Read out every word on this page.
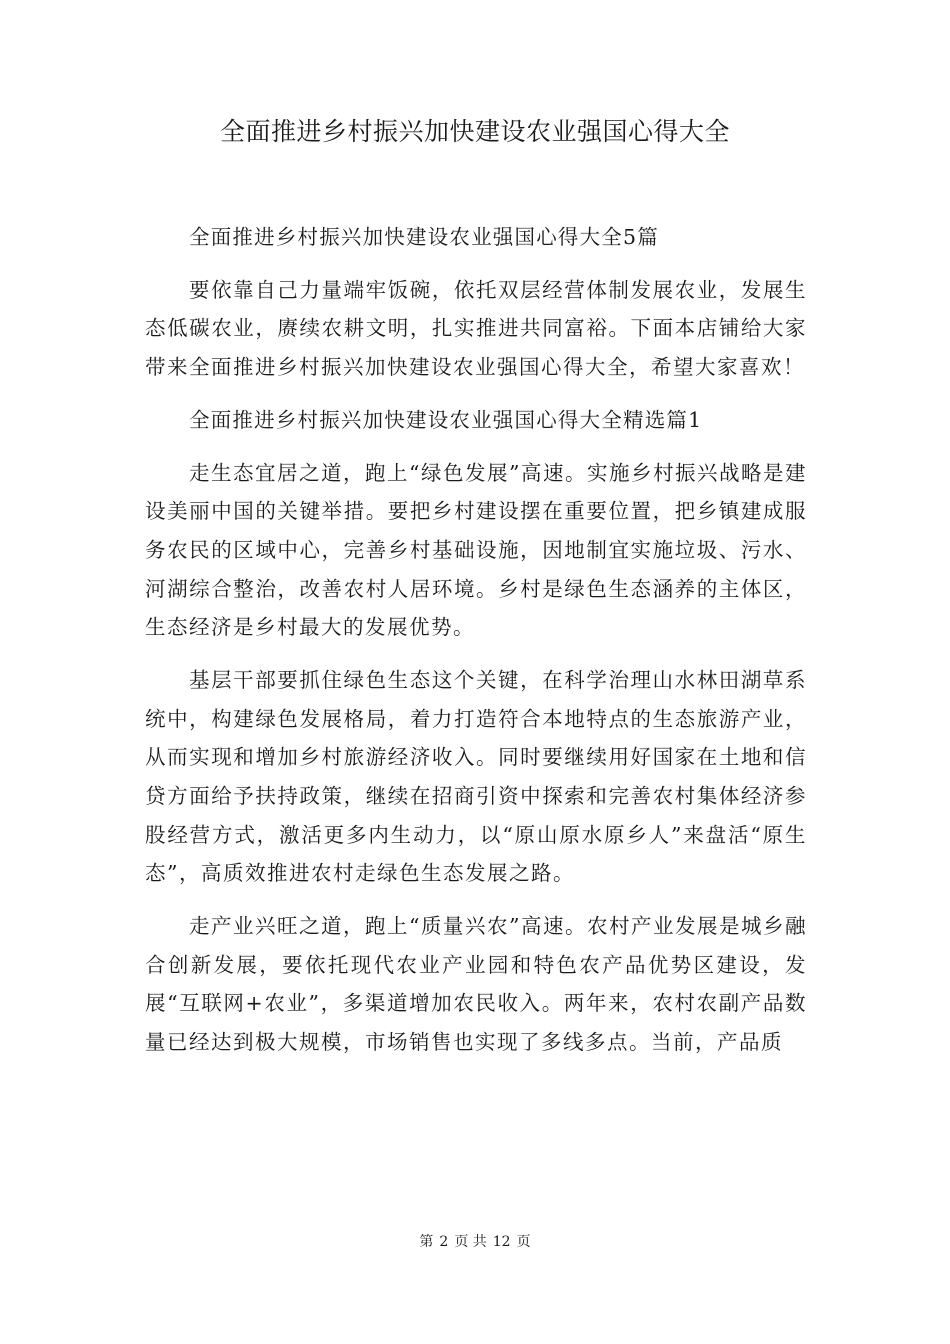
全面推进乡村振兴加快建设农业强国心得大全

全面推进乡村振兴加快建设农业强国心得大全5篇

要依靠自己力量端牢饭碗，依托双层经营体制发展农业，发展生态低碳农业，赓续农耕文明，扎实推进共同富裕。下面本店铺给大家带来全面推进乡村振兴加快建设农业强国心得大全，希望大家喜欢！

全面推进乡村振兴加快建设农业强国心得大全精选篇1

走生态宜居之道，跑上“绿色发展”高速。实施乡村振兴战略是建设美丽中国的关键举措。要把乡村建设摆在重要位置，把乡镇建成服务农民的区域中心，完善乡村基础设施，因地制宜实施垃圾、污水、河湖综合整治，改善农村人居环境。乡村是绿色生态涵养的主体区，生态经济是乡村最大的发展优势。

基层干部要抓住绿色生态这个关键，在科学治理山水林田湖草系统中，构建绿色发展格局，着力打造符合本地特点的生态旅游产业，从而实现和增加乡村旅游经济收入。同时要继续用好国家在土地和信贷方面给予扶持政策，继续在招商引资中探索和完善农村集体经济参股经营方式，激活更多内生动力，以“原山原水原乡人”来盘活“原生态”，高质效推进农村走绿色生态发展之路。

走产业兴旺之道，跑上“质量兴农”高速。农村产业发展是城乡融合创新发展，要依托现代农业产业园和特色农产品优势区建设，发展“互联网+农业”，多渠道增加农民收入。两年来，农村农副产品数量已经达到极大规模，市场销售也实现了多线多点。当前，产品质

第 2 页 共 12 页
